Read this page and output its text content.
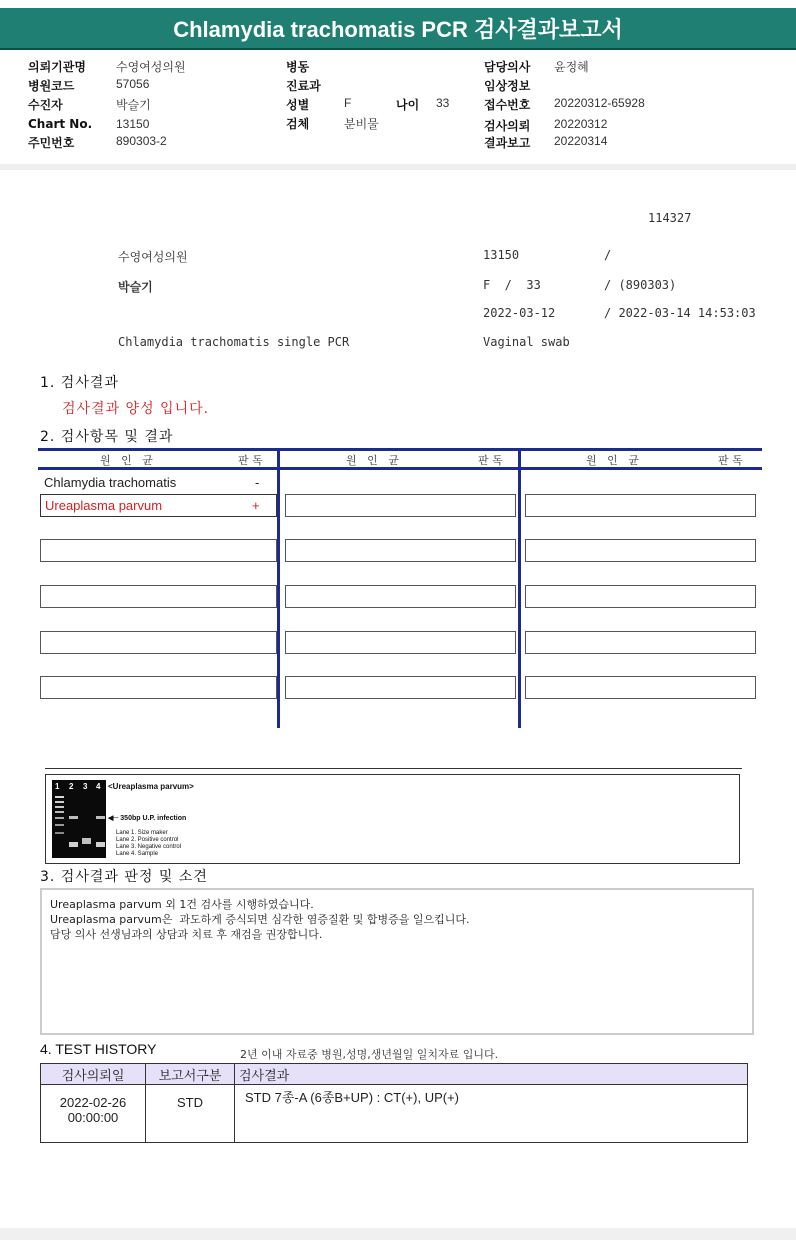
Chlamydia trachomatis PCR 검사결과보고서
의뢰기관명	수영여성의원
병원코드	57056
수진자	박슬기
Chart No. 13150
주민번호	890303-2
병동
진료과
성별	F	나이 33
검체	분비물
담당의사 윤정혜
임상정보
접수번호 20220312-65928
검사의뢰 20220312
결과보고 20220314
114327
수영여성의원	13150	/
박슬기	F  /  33	/ (890303)
2022-03-12	/ 2022-03-14 14:53:03
Chlamydia trachomatis single PCR	Vaginal swab
1. 검사결과
검사결과 양성 입니다.
2. 검사항목 및 결과
원   인   균	판 독	원   인   균	판 독	원   인   균	판 독
Chlamydia trachomatis	-
Ureaplasma parvum	+
1 2 3 4 <Ureaplasma parvum>
◀─ 350bp U.P. infection
Lane 1. Size maker
Lane 2. Positive control
Lane 3. Negative control
Lane 4. Sample
3. 검사결과 판정 및 소견
Ureaplasma parvum 외 1건 검사를 시행하였습니다.
Ureaplasma parvum은  과도하게 증식되면 심각한 염증질환 및 합병증을 일으킵니다.
담당 의사 선생님과의 상담과 치료 후 재검을 권장합니다.
4. TEST HISTORY	2년 이내 자료중 병원,성명,생년월일 일치자료 입니다.
검사의뢰일	보고서구분	검사결과

2022-02-26
00:00:00	STD	STD 7종-A (6종B+UP) : CT(+), UP(+)
